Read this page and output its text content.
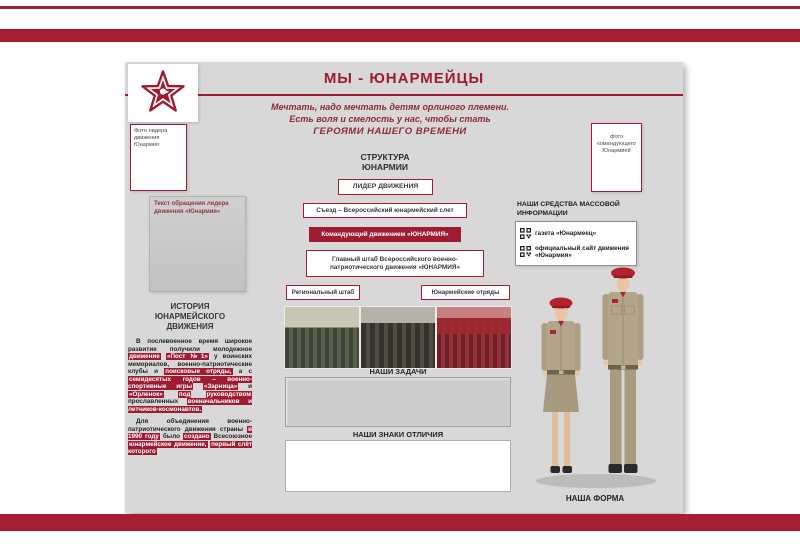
МЫ - ЮНАРМЕЙЦЫ
Мечтать, надо мечтать детям орлиного племени.
Есть воля и смелость у нас, чтобы стать
ГЕРОЯМИ НАШЕГО ВРЕМЕНИ
Фото лидера движения Юнармия
Текст обращения лидера движения «Юнармия»
ИСТОРИЯ ЮНАРМЕЙСКОГО ДВИЖЕНИЯ

В послевоенное время широкое развитие получили молодежное движение «Пост №1» у воинских мемориалов, военно-патриотические клубы и поисковые отряды, а с семидесятых годов – военно-спортивные игры «Зарница» и «Орленок»	под	руководством прославленных военачальников и летчиков-космонавтов.

Для объединения военно-патриотического движения страны в 1990 году было создано Всесоюзное юнармейское движение, первый слёт которого

СТРУКТУРА ЮНАРМИИ
ЛИДЕР ДВИЖЕНИЯ
Съезд – Всероссийский юнармейский слет
Командующий движением «ЮНАРМИЯ»
Главный штаб Всероссийского военно-патриотического движения «ЮНАРМИЯ»
Региональный штаб	Юнармейские отряды
НАШИ ЗАДАЧИ
НАШИ ЗНАКИ ОТЛИЧИЯ
фото командующего Юнармией
НАШИ СРЕДСТВА МАССОВОЙ ИНФОРМАЦИИ
газета «Юнармеец»
официальный сайт движения «Юнармия»
НАША ФОРМА
